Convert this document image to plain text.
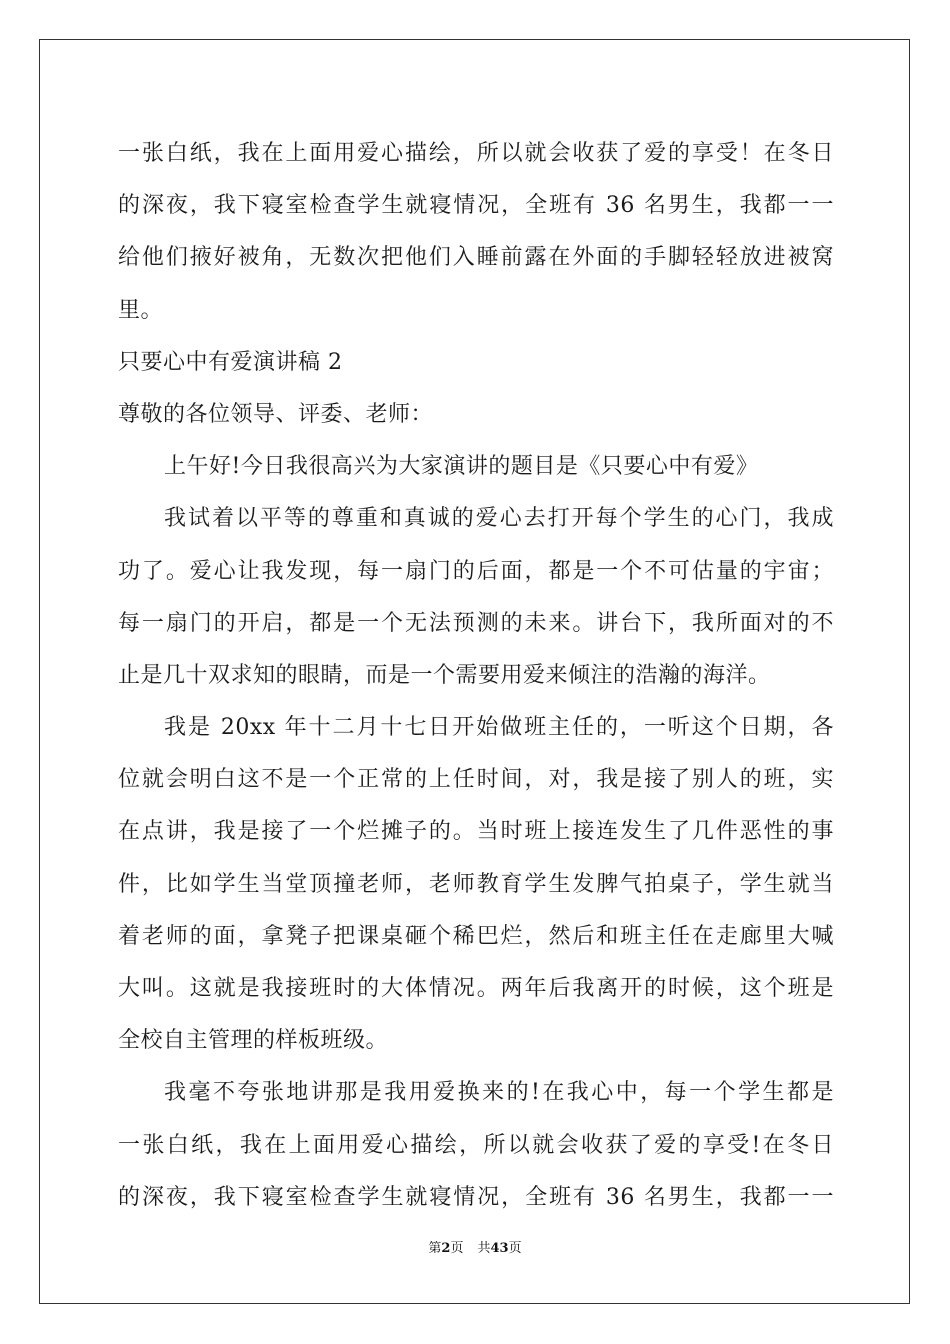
一张白纸，我在上面用爱心描绘，所以就会收获了爱的享受！在冬日
的深夜，我下寝室检查学生就寝情况，全班有 36 名男生，我都一一
给他们掖好被角，无数次把他们入睡前露在外面的手脚轻轻放进被窝
里。
只要心中有爱演讲稿 2
尊敬的各位领导、评委、老师：
上午好!今日我很高兴为大家演讲的题目是《只要心中有爱》
我试着以平等的尊重和真诚的爱心去打开每个学生的心门，我成
功了。爱心让我发现，每一扇门的后面，都是一个不可估量的宇宙；
每一扇门的开启，都是一个无法预测的未来。讲台下，我所面对的不
止是几十双求知的眼睛，而是一个需要用爱来倾注的浩瀚的海洋。
我是 20xx 年十二月十七日开始做班主任的，一听这个日期，各
位就会明白这不是一个正常的上任时间，对，我是接了别人的班，实
在点讲，我是接了一个烂摊子的。当时班上接连发生了几件恶性的事
件，比如学生当堂顶撞老师，老师教育学生发脾气拍桌子，学生就当
着老师的面，拿凳子把课桌砸个稀巴烂，然后和班主任在走廊里大喊
大叫。这就是我接班时的大体情况。两年后我离开的时候，这个班是
全校自主管理的样板班级。
我毫不夸张地讲那是我用爱换来的!在我心中，每一个学生都是
一张白纸，我在上面用爱心描绘，所以就会收获了爱的享受!在冬日
的深夜，我下寝室检查学生就寝情况，全班有 36 名男生，我都一一
第2页 共43页
